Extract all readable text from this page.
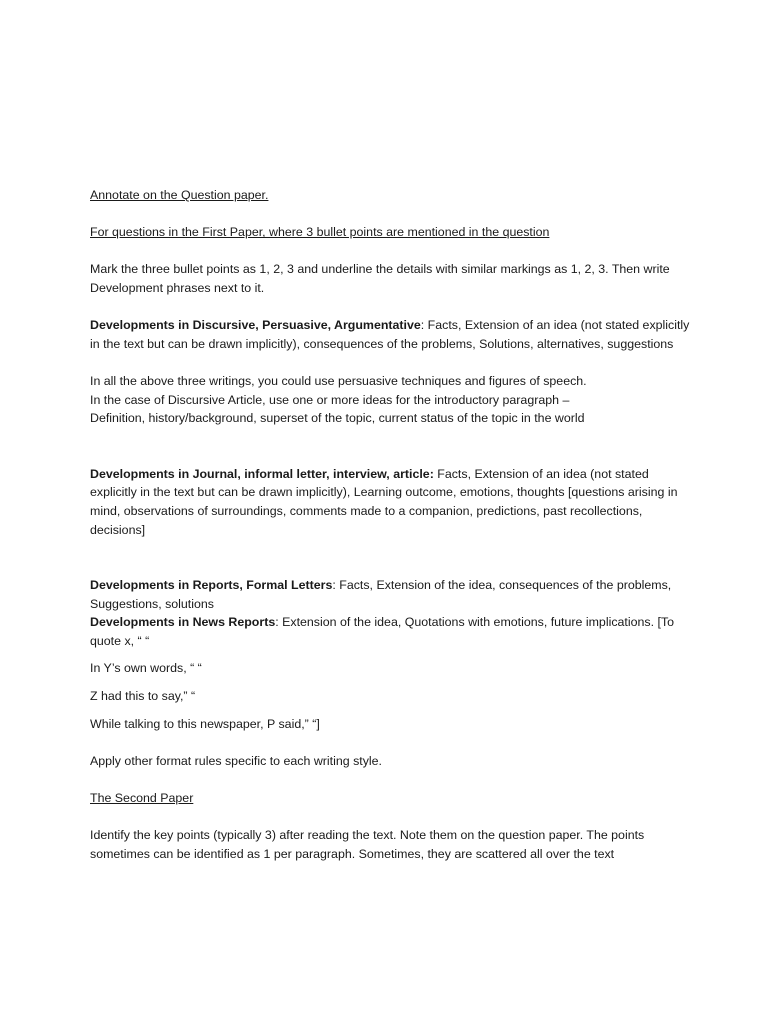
Annotate on the Question paper.

For questions in the First Paper, where 3 bullet points are mentioned in the question

Mark the three bullet points as 1, 2, 3 and underline the details with similar markings as 1, 2, 3. Then write Development phrases next to it.

Developments in Discursive, Persuasive, Argumentative: Facts, Extension of an idea (not stated explicitly in the text but can be drawn implicitly), consequences of the problems, Solutions, alternatives, suggestions

In all the above three writings, you could use persuasive techniques and figures of speech.

In the case of Discursive Article, use one or more ideas for the introductory paragraph –

Definition, history/background, superset of the topic, current status of the topic in the world

Developments in Journal, informal letter, interview, article: Facts, Extension of an idea (not stated explicitly in the text but can be drawn implicitly), Learning outcome, emotions, thoughts [questions arising in mind, observations of surroundings, comments made to a companion, predictions, past recollections, decisions]

Developments in Reports, Formal Letters: Facts, Extension of the idea, consequences of the problems, Suggestions, solutions

Developments in News Reports: Extension of the idea, Quotations with emotions, future implications. [To quote x, “ “

In Y’s own words, “ “

Z had this to say,” “

While talking to this newspaper, P said,” “]

Apply other format rules specific to each writing style.

The Second Paper

Identify the key points (typically 3) after reading the text. Note them on the question paper. The points sometimes can be identified as 1 per paragraph. Sometimes, they are scattered all over the text
